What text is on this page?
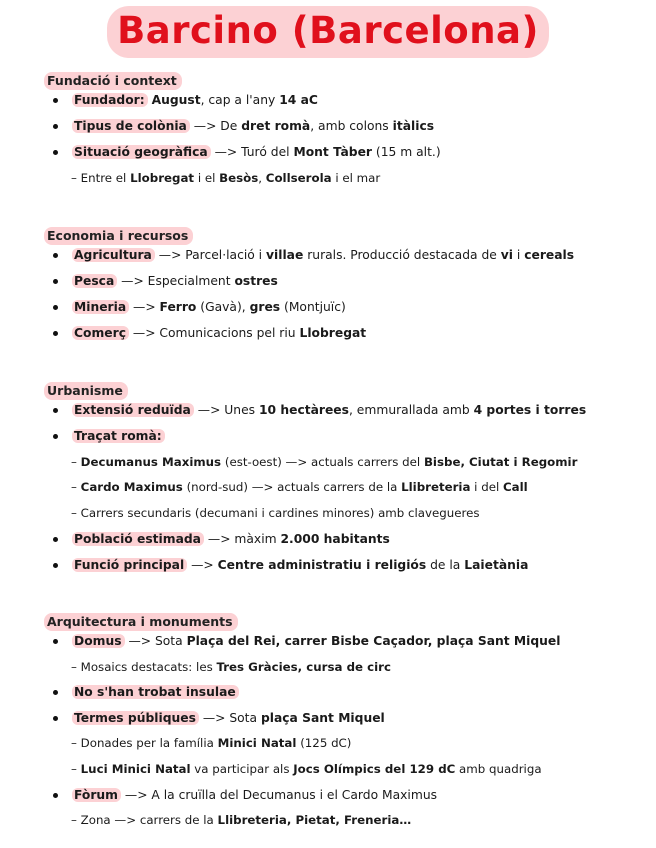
Barcino (Barcelona)
Fundació i context
Fundador: August, cap a l'any 14 aC
Tipus de colònia —> De dret romà, amb colons itàlics
Situació geogràfica —> Turó del Mont Tàber (15 m alt.)
– Entre el Llobregat i el Besòs, Collserola i el mar
Economia i recursos
Agricultura —> Parcel·lació i villae rurals. Producció destacada de vi i cereals
Pesca —> Especialment ostres
Mineria —> Ferro (Gavà), gres (Montjuïc)
Comerç —> Comunicacions pel riu Llobregat
Urbanisme
Extensió reduïda —> Unes 10 hectàrees, emmurallada amb 4 portes i torres
Traçat romà:
– Decumanus Maximus (est-oest) —> actuals carrers del Bisbe, Ciutat i Regomir
– Cardo Maximus (nord-sud) —> actuals carrers de la Llibreteria i del Call
– Carrers secundaris (decumani i cardines minores) amb clavegueres
Població estimada —> màxim 2.000 habitants
Funció principal —> Centre administratiu i religiós de la Laietània
Arquitectura i monuments
Domus —> Sota Plaça del Rei, carrer Bisbe Caçador, plaça Sant Miquel
– Mosaics destacats: les Tres Gràcies, cursa de circ
No s'han trobat insulae
Termes públiques —> Sota plaça Sant Miquel
– Donades per la família Minici Natal (125 dC)
– Luci Minici Natal va participar als Jocs Olímpics del 129 dC amb quadriga
Fòrum —> A la cruïlla del Decumanus i el Cardo Maximus
– Zona —> carrers de la Llibreteria, Pietat, Freneria…
